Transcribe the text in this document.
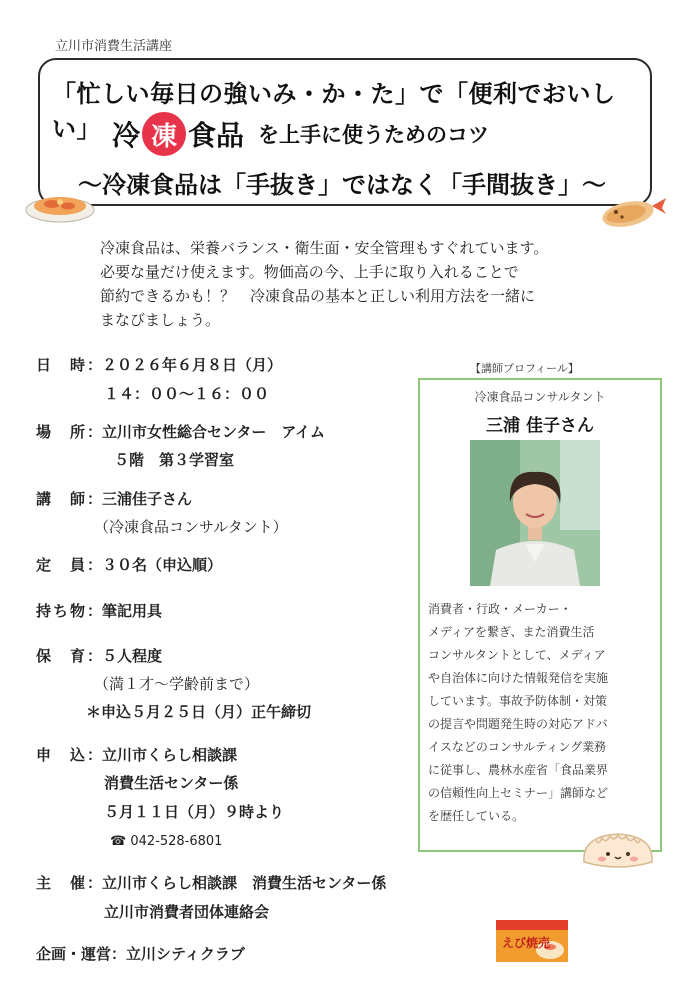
立川市消費生活講座
「忙しい毎日の強いみ・か・た」で「便利でおいしい」 冷 凍 食品 を上手に使うためのコツ
〜冷凍食品は「手抜き」ではなく「手間抜き」〜
冷凍食品は、栄養バランス・衛生面・安全管理もすぐれています。
必要な量だけ使えます。物価高の今、上手に取り入れることで
節約できるかも！？　冷凍食品の基本と正しい利用方法を一緒に
まなびましょう。
日　時：２０２６年６月８日（月）
１４：００〜１６：００
場　所：立川市女性総合センター　アイム
５階　第３学習室
講　師：三浦佳子さん
（冷凍食品コンサルタント）
定　員：３０名（申込順）
持ち物：筆記用具
保　育：５人程度
（満１才〜学齢前まで）
＊申込５月２５日（月）正午締切
申　込：立川市くらし相談課
消費生活センター係
５月１１日（月）９時より
☎ 042-528-6801
主　催：立川市くらし相談課　消費生活センター係
立川市消費者団体連絡会
企画・運営：立川シティクラブ
【講師プロフィール】
冷凍食品コンサルタント
三浦 佳子さん
消費者・行政・メーカー・
メディアを繋ぎ、また消費生活
コンサルタントとして、メディア
や自治体に向けた情報発信を実施
しています。事故予防体制・対策
の提言や問題発生時の対応アドバ
イスなどのコンサルティング業務
に従事し、農林水産省「食品業界
の信頼性向上セミナー」講師など
を歴任している。
えび焼売
